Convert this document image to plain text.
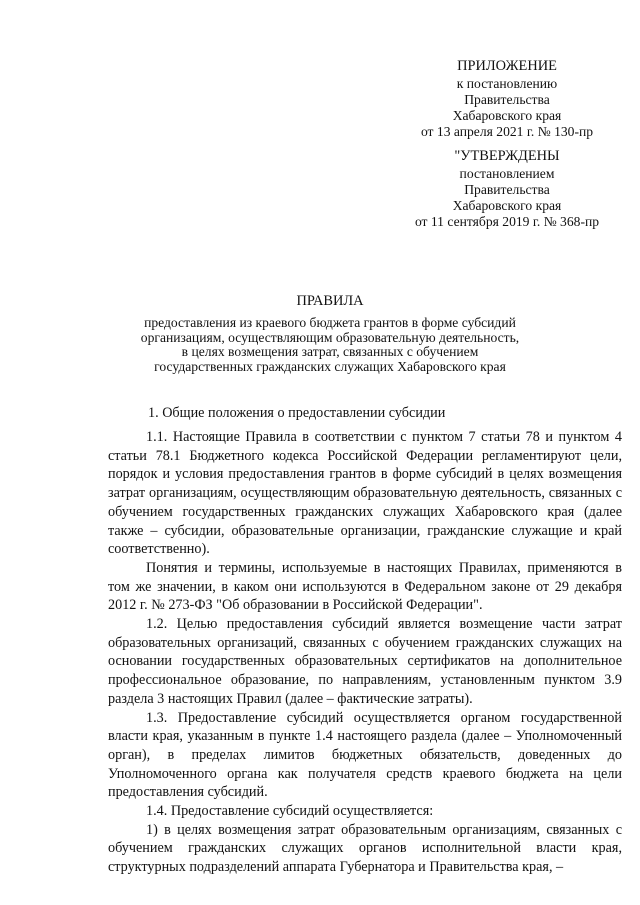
ПРИЛОЖЕНИЕ
к постановлению
Правительства
Хабаровского края
от 13 апреля 2021 г. № 130-пр
"УТВЕРЖДЕНЫ
постановлением
Правительства
Хабаровского края
от 11 сентября 2019 г. № 368-пр
ПРАВИЛА
предоставления из краевого бюджета грантов в форме субсидий
организациям, осуществляющим образовательную деятельность,
в целях возмещения затрат, связанных с обучением
государственных гражданских служащих Хабаровского края
1. Общие положения о предоставлении субсидии

1.1. Настоящие Правила в соответствии с пунктом 7 статьи 78 и пунктом 4 статьи 78.1 Бюджетного кодекса Российской Федерации регламентируют цели, порядок и условия предоставления грантов в форме субсидий в целях возмещения затрат организациям, осуществляющим образовательную деятельность, связанных с обучением государственных гражданских служащих Хабаровского края (далее также – субсидии, образовательные организации, гражданские служащие и край соответственно).

Понятия и термины, используемые в настоящих Правилах, применяются в том же значении, в каком они используются в Федеральном законе от 29 декабря 2012 г. № 273-ФЗ "Об образовании в Российской Федерации".

1.2. Целью предоставления субсидий является возмещение части затрат образовательных организаций, связанных с обучением гражданских служащих на основании государственных образовательных сертификатов на дополнительное профессиональное образование, по направлениям, установленным пунктом 3.9 раздела 3 настоящих Правил (далее – фактические затраты).

1.3. Предоставление субсидий осуществляется органом государственной власти края, указанным в пункте 1.4 настоящего раздела (далее – Уполномоченный орган), в пределах лимитов бюджетных обязательств, доведенных до Уполномоченного органа как получателя средств краевого бюджета на цели предоставления субсидий.

1.4. Предоставление субсидий осуществляется:

1) в целях возмещения затрат образовательным организациям, связанных с обучением гражданских служащих органов исполнительной власти края, структурных подразделений аппарата Губернатора и Правительства края, –
